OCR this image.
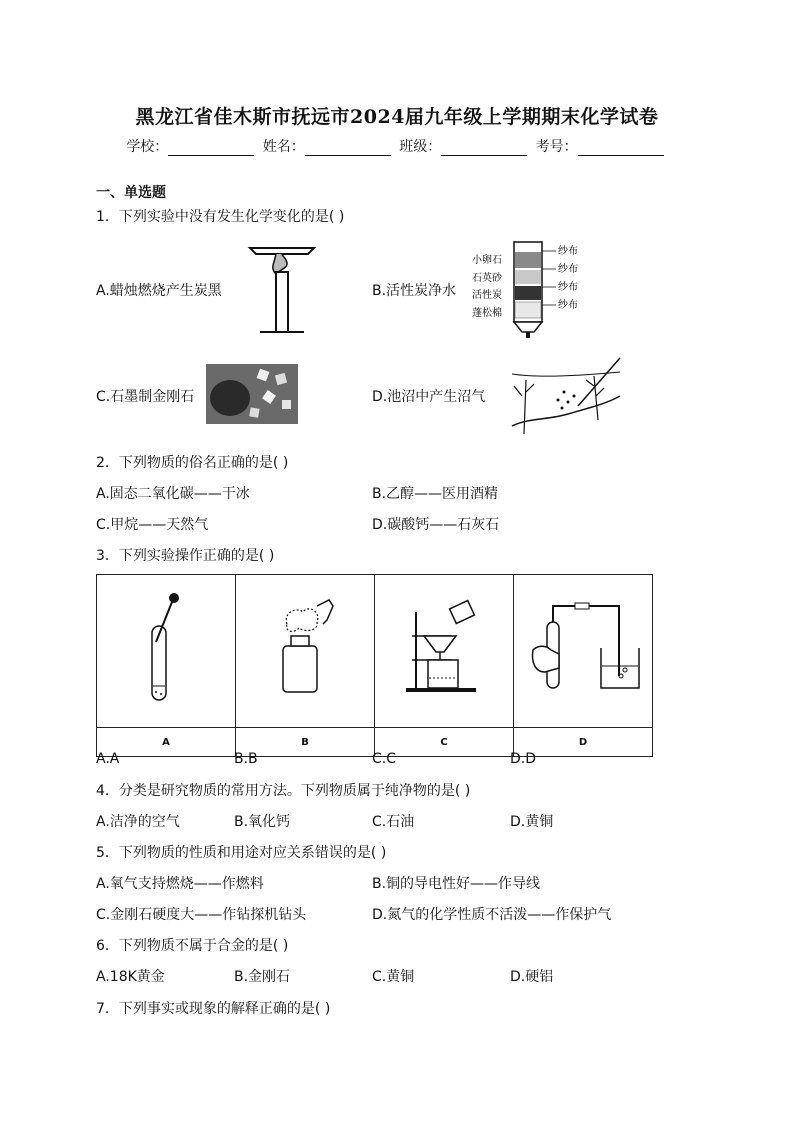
黑龙江省佳木斯市抚远市2024届九年级上学期期末化学试卷
学校：	姓名：	班级：	考号：
一、单选题
1．下列实验中没有发生化学变化的是( )
A.蜡烛燃烧产生炭黑	B.活性炭净水
小卵石
石英砂
活性炭
蓬松棉
纱布
纱布
纱布
纱布
C.石墨制金刚石	D.池沼中产生沼气
2．下列物质的俗名正确的是( )
A.固态二氧化碳——干冰	B.乙醇——医用酒精
C.甲烷——天然气	D.碳酸钙——石灰石
3．下列实验操作正确的是( )

A	B	C	D
A.A	B.B	C.C	D.D
4．分类是研究物质的常用方法。下列物质属于纯净物的是( )
A.洁净的空气	B.氧化钙	C.石油	D.黄铜
5．下列物质的性质和用途对应关系错误的是( )
A.氧气支持燃烧——作燃料	B.铜的导电性好——作导线
C.金刚石硬度大——作钻探机钻头	D.氮气的化学性质不活泼——作保护气
6．下列物质不属于合金的是( )
A.18K黄金	B.金刚石	C.黄铜	D.硬铝
7．下列事实或现象的解释正确的是( )
